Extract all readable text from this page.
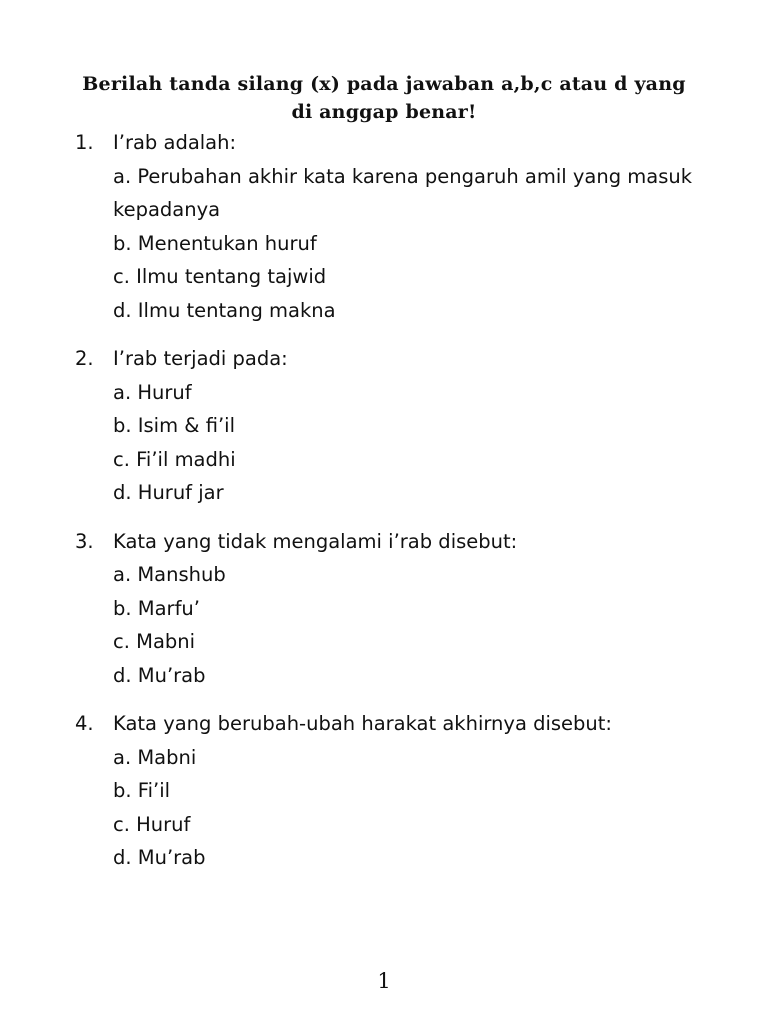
Berilah tanda silang (x) pada jawaban a,b,c atau d yang di anggap benar!

1. I’rab adalah:
a. Perubahan akhir kata karena pengaruh amil yang masuk kepadanya
b. Menentukan huruf
c. Ilmu tentang tajwid
d. Ilmu tentang makna
2. I’rab terjadi pada:
a. Huruf
b. Isim & fi’il
c. Fi’il madhi
d. Huruf jar
3. Kata yang tidak mengalami i’rab disebut:
a. Manshub
b. Marfu’
c. Mabni
d. Mu’rab
4. Kata yang berubah-ubah harakat akhirnya disebut:
a. Mabni
b. Fi’il
c. Huruf
d. Mu’rab
1
